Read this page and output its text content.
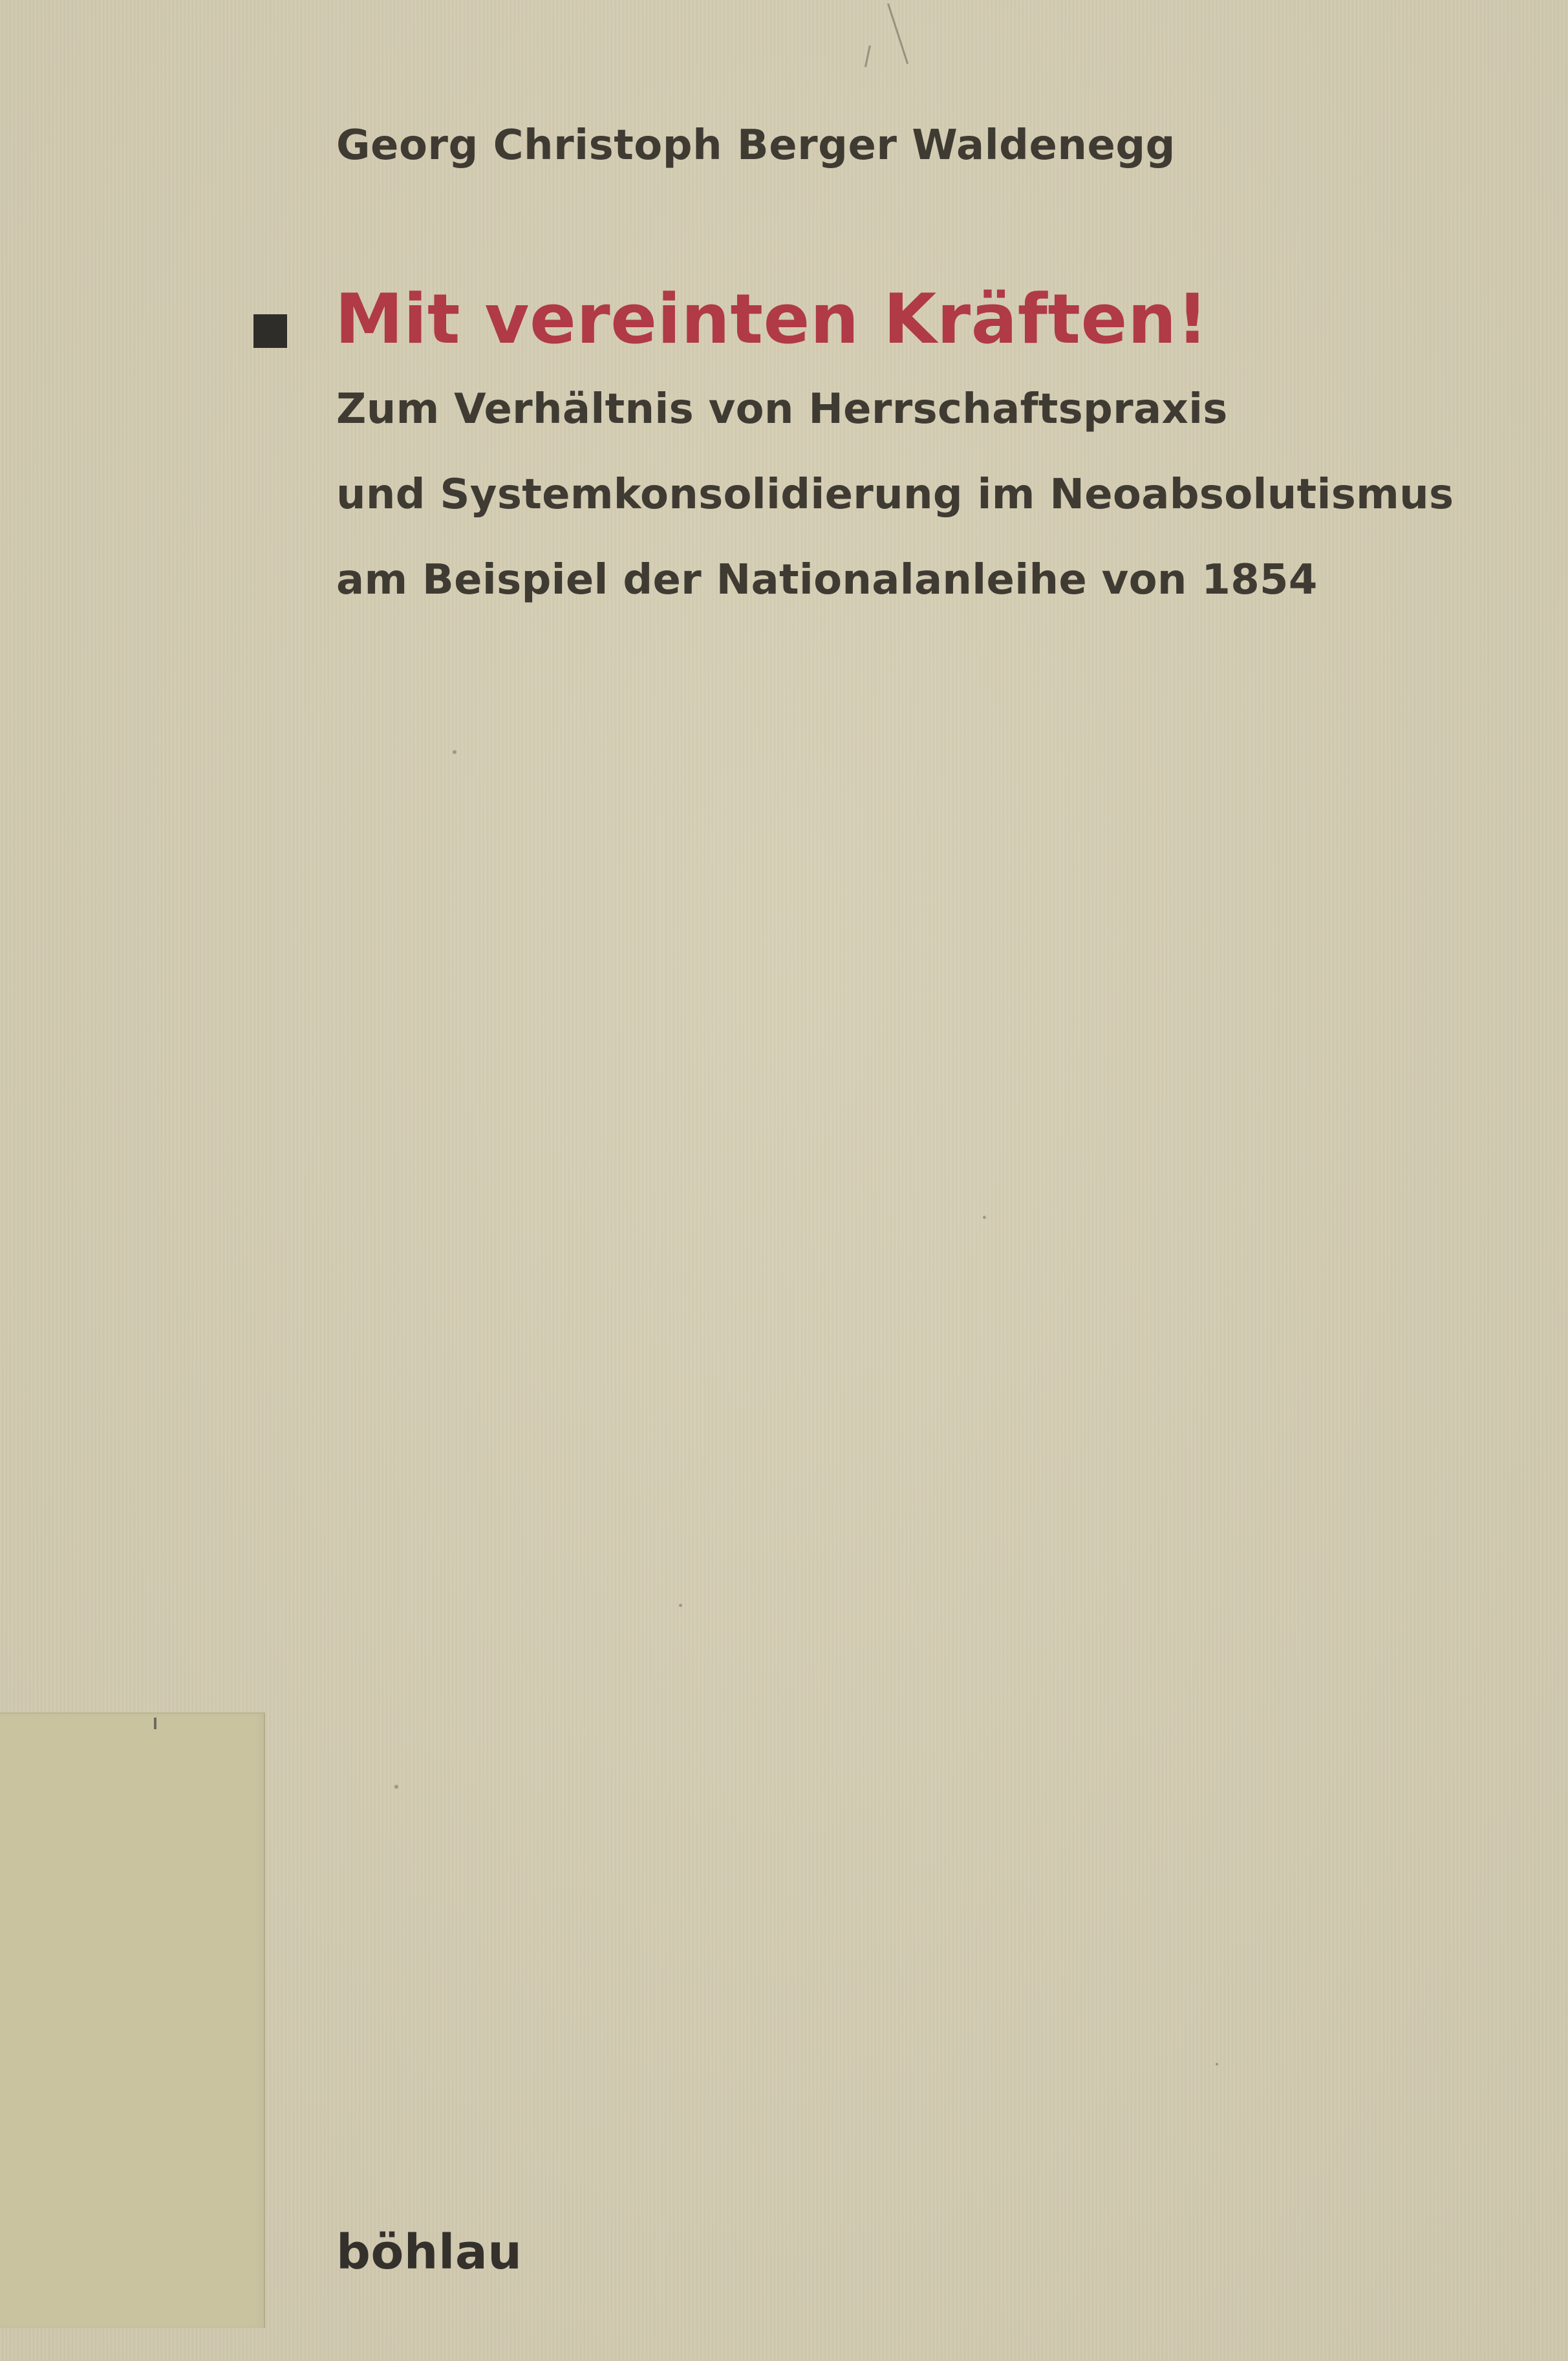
Georg Christoph Berger Waldenegg
Mit vereinten Kräften!
Zum Verhältnis von Herrschaftspraxis
und Systemkonsolidierung im Neoabsolutismus
am Beispiel der Nationalanleihe von 1854
böhlau
